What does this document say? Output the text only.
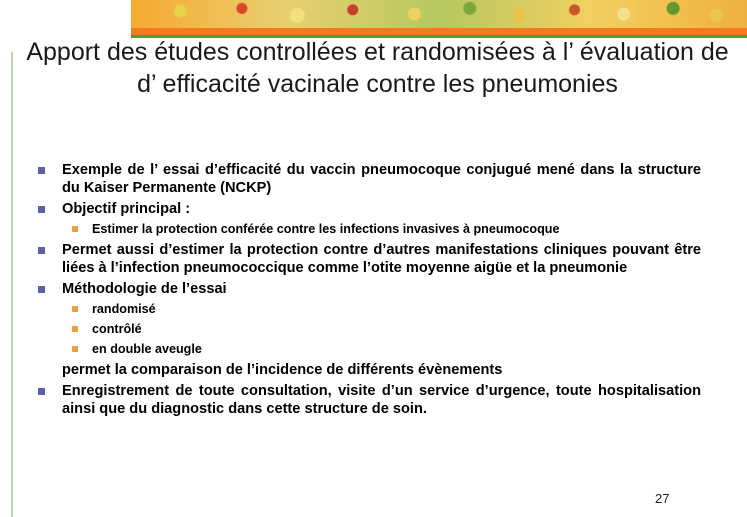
Apport des études controllées et randomisées à l’ évaluation de d’ efficacité vacinale contre les pneumonies
Exemple de l’ essai d’efficacité du vaccin pneumocoque conjugué mené dans la structure du Kaiser Permanente (NCKP)
Objectif principal :
Estimer la protection conférée contre les infections invasives à pneumocoque
Permet aussi d’estimer la protection contre d’autres manifestations cliniques pouvant être liées à l’infection pneumococcique comme l’otite moyenne aigüe et la pneumonie
Méthodologie de l’essai
randomisé
contrôlé
en double aveugle
permet la comparaison de l’incidence de différents évènements
Enregistrement de toute consultation, visite d’un service d’urgence, toute hospitalisation ainsi que du diagnostic dans cette structure de soin.
27
